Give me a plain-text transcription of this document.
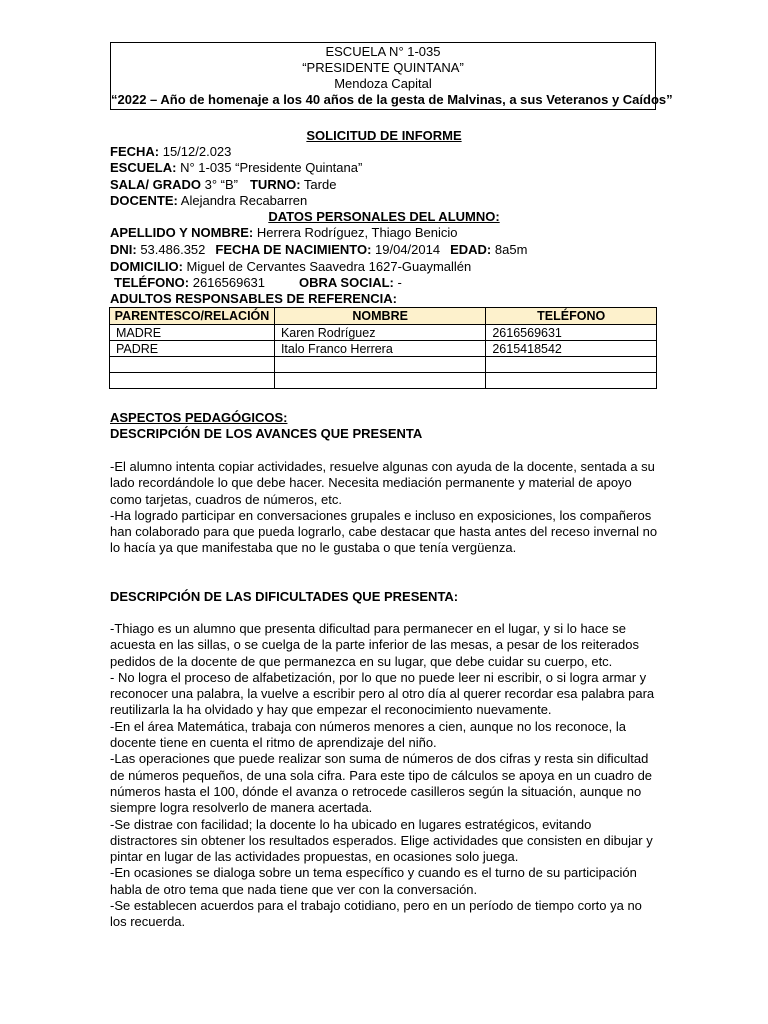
ESCUELA N° 1-035
“PRESIDENTE QUINTANA”
Mendoza Capital
“2022 – Año de homenaje a los 40 años de la gesta de Malvinas, a sus Veteranos y Caídos”
SOLICITUD DE INFORME
FECHA: 15/12/2.023
ESCUELA: N° 1-035 “Presidente Quintana”
SALA/ GRADO 3° “B” TURNO: Tarde
DOCENTE: Alejandra Recabarren
DATOS PERSONALES DEL ALUMNO:
APELLIDO Y NOMBRE: Herrera Rodríguez, Thiago Benicio
DNI: 53.486.352 FECHA DE NACIMIENTO: 19/04/2014 EDAD: 8a5m
DOMICILIO: Miguel de Cervantes Saavedra 1627-Guaymallén
TELÉFONO: 2616569631	OBRA SOCIAL: -
ADULTOS RESPONSABLES DE REFERENCIA:
PARENTESCO/RELACIÓN	NOMBRE	TELÉFONO
MADRE	Karen Rodríguez	2616569631
PADRE	Italo Franco Herrera	2615418542

ASPECTOS PEDAGÓGICOS:
DESCRIPCIÓN DE LOS AVANCES QUE PRESENTA

-El alumno intenta copiar actividades, resuelve algunas con ayuda de la docente, sentada a su lado recordándole lo que debe hacer. Necesita mediación permanente y material de apoyo como tarjetas, cuadros de números, etc.

-Ha logrado participar en conversaciones grupales e incluso en exposiciones, los compañeros han colaborado para que pueda lograrlo, cabe destacar que hasta antes del receso invernal no lo hacía ya que manifestaba que no le gustaba o que tenía vergüenza.

DESCRIPCIÓN DE LAS DIFICULTADES QUE PRESENTA:

-Thiago es un alumno que presenta dificultad para permanecer en el lugar, y si lo hace se acuesta en las sillas, o se cuelga de la parte inferior de las mesas, a pesar de los reiterados pedidos de la docente de que permanezca en su lugar, que debe cuidar su cuerpo, etc.

- No logra el proceso de alfabetización, por lo que no puede leer ni escribir, o si logra armar y reconocer una palabra, la vuelve a escribir pero al otro día al querer recordar esa palabra para reutilizarla la ha olvidado y hay que empezar el reconocimiento nuevamente.

-En el área Matemática, trabaja con números menores a cien, aunque no los reconoce, la docente tiene en cuenta el ritmo de aprendizaje del niño.

-Las operaciones que puede realizar son suma de números de dos cifras y resta sin dificultad de números pequeños, de una sola cifra. Para este tipo de cálculos se apoya en un cuadro de números hasta el 100, dónde el avanza o retrocede casilleros según la situación, aunque no siempre logra resolverlo de manera acertada.

-Se distrae con facilidad; la docente lo ha ubicado en lugares estratégicos, evitando distractores sin obtener los resultados esperados. Elige actividades que consisten en dibujar y pintar en lugar de las actividades propuestas, en ocasiones solo juega.

-En ocasiones se dialoga sobre un tema específico y cuando es el turno de su participación habla de otro tema que nada tiene que ver con la conversación.

-Se establecen acuerdos para el trabajo cotidiano, pero en un período de tiempo corto ya no los recuerda.
